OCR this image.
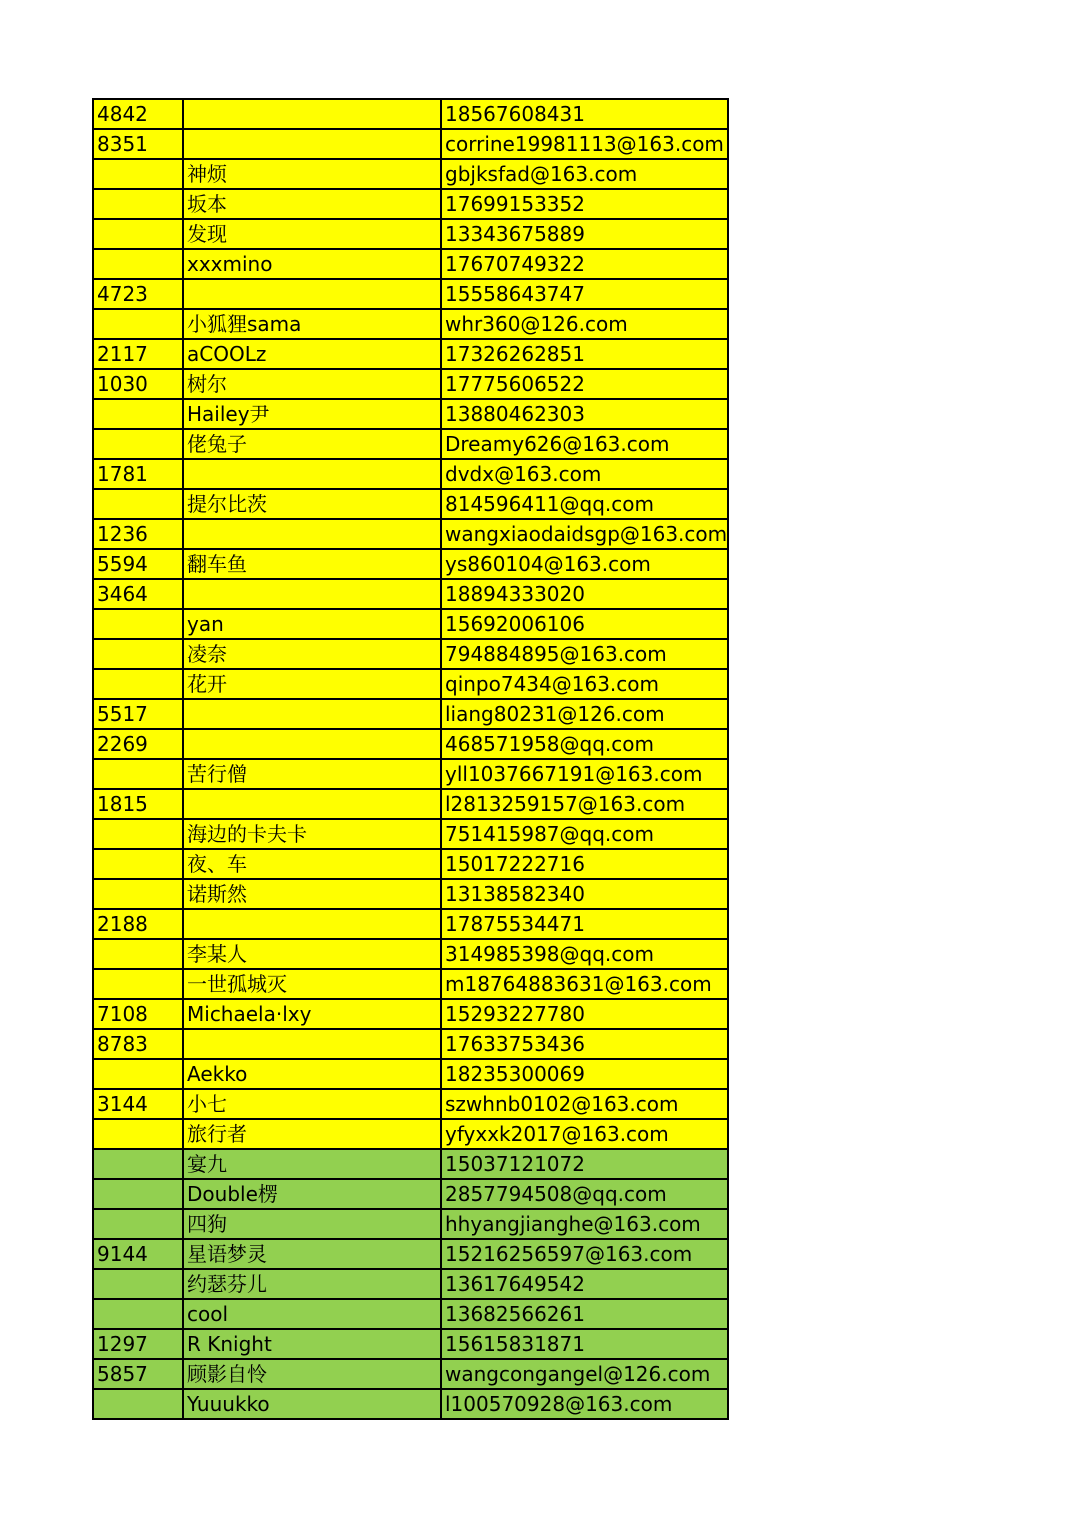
4842		18567608431
8351		corrine19981113@163.com
	神烦	gbjksfad@163.com
	坂本	17699153352
	发现	13343675889
	xxxmino	17670749322
4723		15558643747
	小狐狸sama	whr360@126.com
2117	aCOOLz	17326262851
1030	树尔	17775606522
	Hailey尹	13880462303
	佬兔子	Dreamy626@163.com
1781		dvdx@163.com
	提尔比茨	814596411@qq.com
1236		wangxiaodaidsgp@163.com
5594	翻车鱼	ys860104@163.com
3464		18894333020
	yan	15692006106
	凌奈	794884895@163.com
	花开	qinpo7434@163.com
5517		liang80231@126.com
2269		468571958@qq.com
	苦行僧	yll1037667191@163.com
1815		l2813259157@163.com
	海边的卡夫卡	751415987@qq.com
	夜、车	15017222716
	诺斯然	13138582340
2188		17875534471
	李某人	314985398@qq.com
	一世孤城灭	m18764883631@163.com
7108	Michaela·lxy	15293227780
8783		17633753436
	Aekko	18235300069
3144	小七	szwhnb0102@163.com
	旅行者	yfyxxk2017@163.com
	宴九	15037121072
	Double楞	2857794508@qq.com
	四狗	hhyangjianghe@163.com
9144	星语梦灵	15216256597@163.com
	约瑟芬儿	13617649542
	cool	13682566261
1297	R Knight	15615831871
5857	顾影自怜	wangcongangel@126.com
	Yuuukko	l100570928@163.com
